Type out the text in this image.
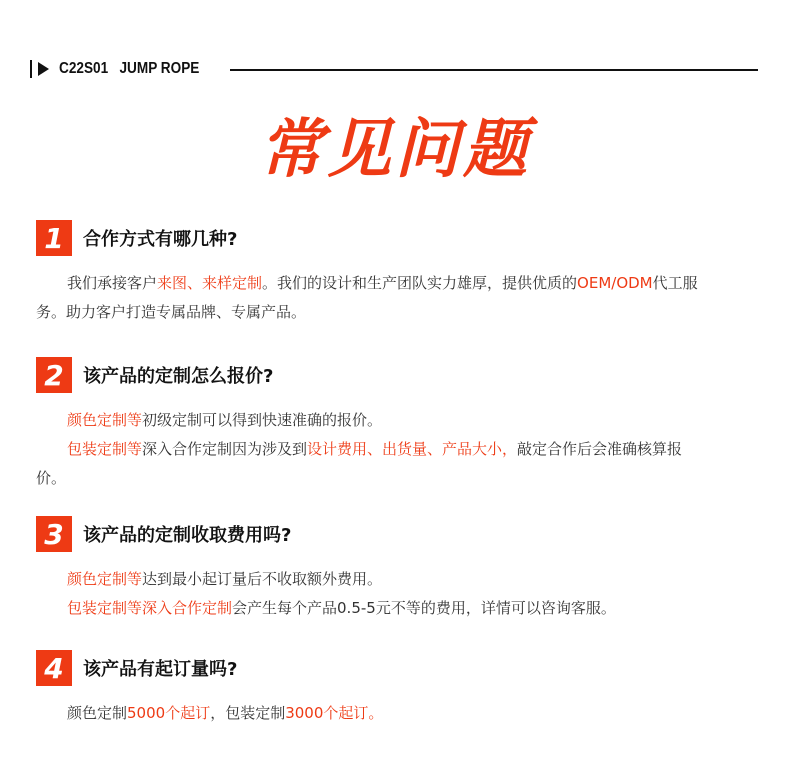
C22S01   JUMP ROPE
常见问题
1	合作方式有哪几种?
我们承接客户来图、来样定制。我们的设计和生产团队实力雄厚，提供优质的OEM/ODM代工服
务。助力客户打造专属品牌、专属产品。
2	该产品的定制怎么报价?
颜色定制等初级定制可以得到快速准确的报价。
包装定制等深入合作定制因为涉及到设计费用、出货量、产品大小，敲定合作后会准确核算报
价。
3	该产品的定制收取费用吗?
颜色定制等达到最小起订量后不收取额外费用。
包装定制等深入合作定制会产生每个产品0.5-5元不等的费用，详情可以咨询客服。
4	该产品有起订量吗?
颜色定制5000个起订，包装定制3000个起订。
